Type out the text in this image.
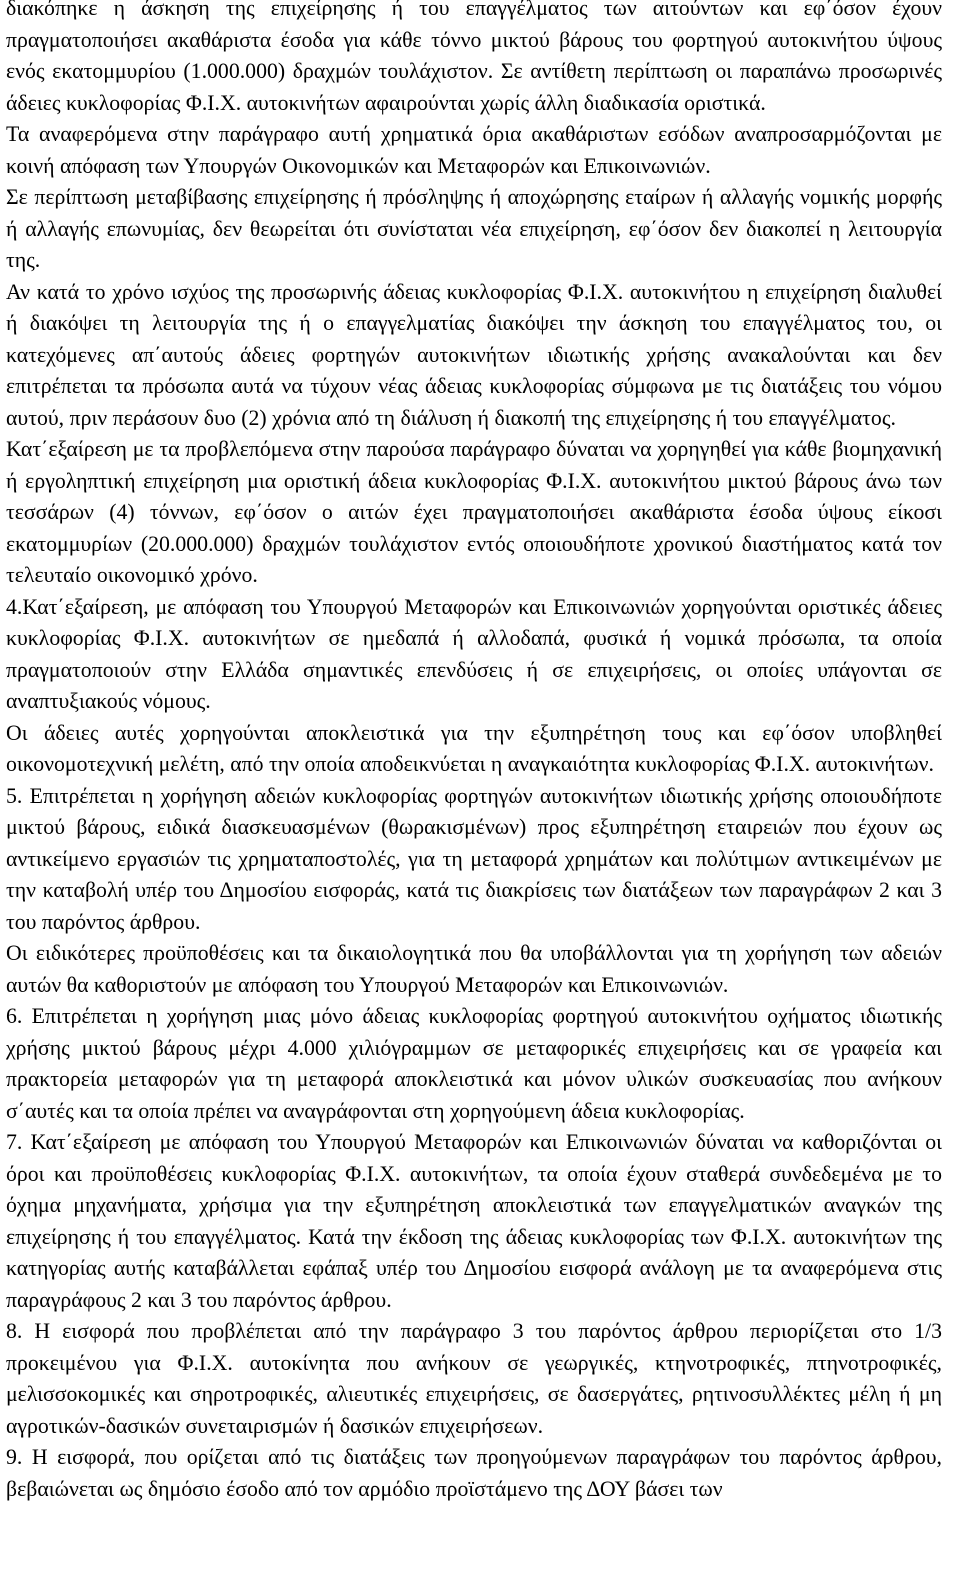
διακόπηκε η άσκηση της επιχείρησης ή του επαγγέλματος των αιτούντων και εφ΄όσον έχουν πραγματοποιήσει ακαθάριστα έσοδα για κάθε τόννο μικτού βάρους του φορτηγού αυτοκινήτου ύψους ενός εκατομμυρίου (1.000.000) δραχμών τουλάχιστον. Σε αντίθετη περίπτωση οι παραπάνω προσωρινές άδειες κυκλοφορίας Φ.Ι.Χ. αυτοκινήτων αφαιρούνται χωρίς άλλη διαδικασία οριστικά.

Τα αναφερόμενα στην παράγραφο αυτή χρηματικά όρια ακαθάριστων εσόδων αναπροσαρμόζονται με κοινή απόφαση των Υπουργών Οικονομικών και Μεταφορών και Επικοινωνιών.

Σε περίπτωση μεταβίβασης επιχείρησης ή πρόσληψης ή αποχώρησης εταίρων ή αλλαγής νομικής μορφής ή αλλαγής επωνυμίας, δεν θεωρείται ότι συνίσταται νέα επιχείρηση, εφ΄όσον δεν διακοπεί η λειτουργία της.

Αν κατά το χρόνο ισχύος της προσωρινής άδειας κυκλοφορίας Φ.Ι.Χ. αυτοκινήτου η επιχείρηση διαλυθεί ή διακόψει τη λειτουργία της ή ο επαγγελματίας διακόψει την άσκηση του επαγγέλματος του, οι κατεχόμενες απ΄αυτούς άδειες φορτηγών αυτοκινήτων ιδιωτικής χρήσης ανακαλούνται και δεν επιτρέπεται τα πρόσωπα αυτά να τύχουν νέας άδειας κυκλοφορίας σύμφωνα με τις διατάξεις του νόμου αυτού, πριν περάσουν δυο (2) χρόνια από τη διάλυση ή διακοπή της επιχείρησης ή του επαγγέλματος.

Κατ΄εξαίρεση με τα προβλεπόμενα στην παρούσα παράγραφο δύναται να χορηγηθεί για κάθε βιομηχανική ή εργοληπτική επιχείρηση μια οριστική άδεια κυκλοφορίας Φ.Ι.Χ. αυτοκινήτου μικτού βάρους άνω των τεσσάρων (4) τόννων, εφ΄όσον ο αιτών έχει πραγματοποιήσει ακαθάριστα έσοδα ύψους είκοσι εκατομμυρίων (20.000.000) δραχμών τουλάχιστον εντός οποιουδήποτε χρονικού διαστήματος κατά τον τελευταίο οικονομικό χρόνο.

4.Κατ΄εξαίρεση, με απόφαση του Υπουργού Μεταφορών και Επικοινωνιών χορηγούνται οριστικές άδειες κυκλοφορίας Φ.Ι.Χ. αυτοκινήτων σε ημεδαπά ή αλλοδαπά, φυσικά ή νομικά πρόσωπα, τα οποία πραγματοποιούν στην Ελλάδα σημαντικές επενδύσεις ή σε επιχειρήσεις, οι οποίες υπάγονται σε αναπτυξιακούς νόμους.

Οι άδειες αυτές χορηγούνται αποκλειστικά για την εξυπηρέτηση τους και εφ΄όσον υποβληθεί οικονομοτεχνική μελέτη, από την οποία αποδεικνύεται η αναγκαιότητα κυκλοφορίας Φ.Ι.Χ. αυτοκινήτων.

5. Επιτρέπεται η χορήγηση αδειών κυκλοφορίας φορτηγών αυτοκινήτων ιδιωτικής χρήσης οποιουδήποτε μικτού βάρους, ειδικά διασκευασμένων (θωρακισμένων) προς εξυπηρέτηση εταιρειών που έχουν ως αντικείμενο εργασιών τις χρηματαποστολές, για τη μεταφορά χρημάτων και πολύτιμων αντικειμένων με την καταβολή υπέρ του Δημοσίου εισφοράς, κατά τις διακρίσεις των διατάξεων των παραγράφων 2 και 3 του παρόντος άρθρου.

Οι ειδικότερες προϋποθέσεις και τα δικαιολογητικά που θα υποβάλλονται για τη χορήγηση των αδειών αυτών θα καθοριστούν με απόφαση του Υπουργού Μεταφορών και Επικοινωνιών.

6. Επιτρέπεται η χορήγηση μιας μόνο άδειας κυκλοφορίας φορτηγού αυτοκινήτου οχήματος ιδιωτικής χρήσης μικτού βάρους μέχρι 4.000 χιλιόγραμμων σε μεταφορικές επιχειρήσεις και σε γραφεία και πρακτορεία μεταφορών για τη μεταφορά αποκλειστικά και μόνον υλικών συσκευασίας που ανήκουν σ΄αυτές και τα οποία πρέπει να αναγράφονται στη χορηγούμενη άδεια κυκλοφορίας.

7. Κατ΄εξαίρεση με απόφαση του Υπουργού Μεταφορών και Επικοινωνιών δύναται να καθοριζόνται οι όροι και προϋποθέσεις κυκλοφορίας Φ.Ι.Χ. αυτοκινήτων, τα οποία έχουν σταθερά συνδεδεμένα με το όχημα μηχανήματα, χρήσιμα για την εξυπηρέτηση αποκλειστικά των επαγγελματικών αναγκών της επιχείρησης ή του επαγγέλματος. Κατά την έκδοση της άδειας κυκλοφορίας των Φ.Ι.Χ. αυτοκινήτων της κατηγορίας αυτής καταβάλλεται εφάπαξ υπέρ του Δημοσίου εισφορά ανάλογη με τα αναφερόμενα στις παραγράφους 2 και 3 του παρόντος άρθρου.

8. Η εισφορά που προβλέπεται από την παράγραφο 3 του παρόντος άρθρου περιορίζεται στο 1/3 προκειμένου για Φ.Ι.Χ. αυτοκίνητα που ανήκουν σε γεωργικές, κτηνοτροφικές, πτηνοτροφικές, μελισσοκομικές και σηροτροφικές, αλιευτικές επιχειρήσεις, σε δασεργάτες, ρητινοσυλλέκτες μέλη ή μη αγροτικών-δασικών συνεταιρισμών ή δασικών επιχειρήσεων.

9. Η εισφορά, που ορίζεται από τις διατάξεις των προηγούμενων παραγράφων του παρόντος άρθρου, βεβαιώνεται ως δημόσιο έσοδο από τον αρμόδιο προϊστάμενο της ΔΟΥ βάσει των
